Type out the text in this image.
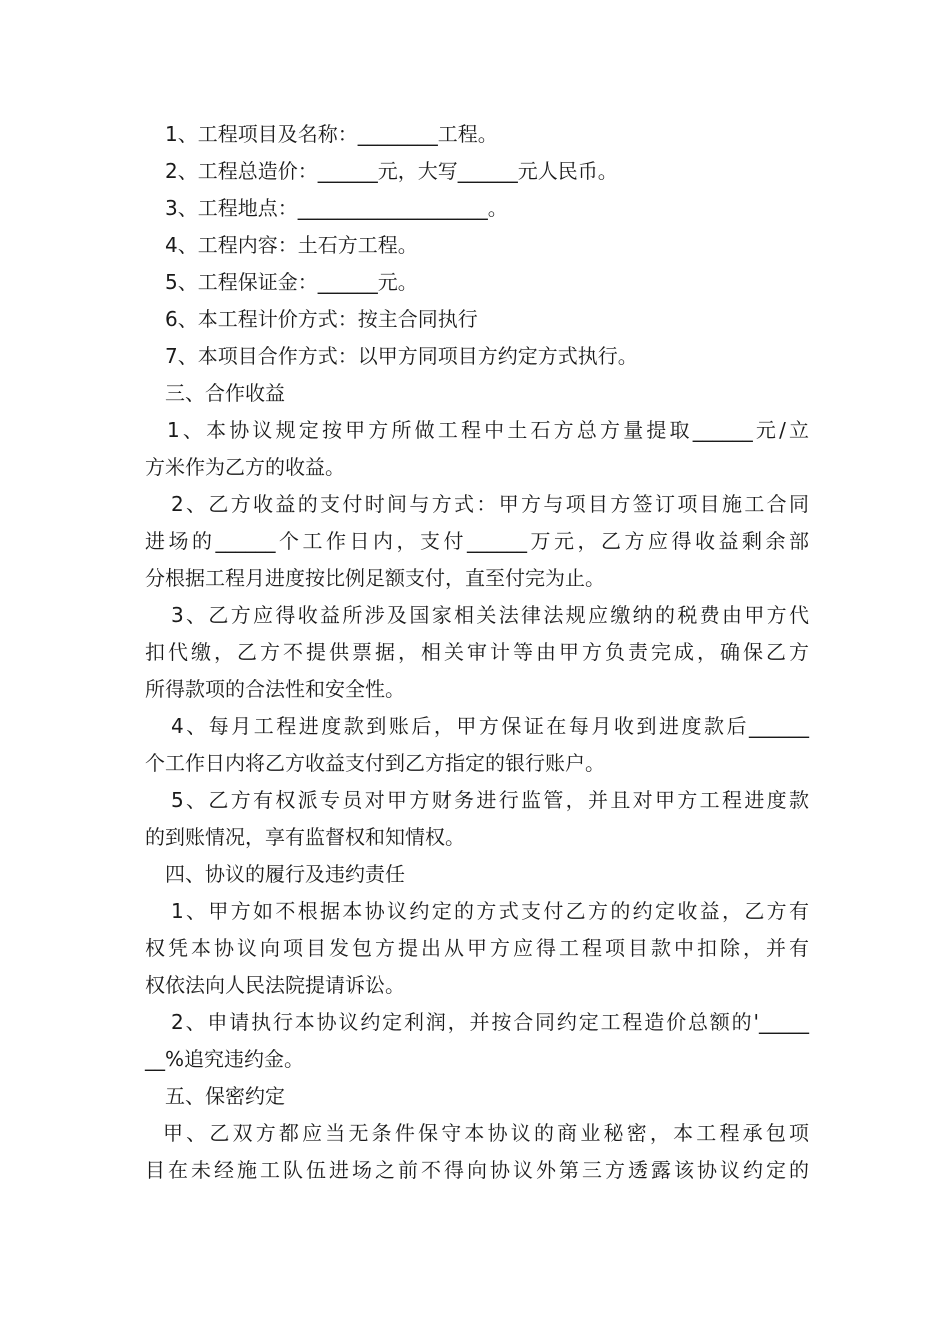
1、工程项目及名称：________工程。
2、工程总造价：______元，大写______元人民币。
3、工程地点：___________________。
4、工程内容：土石方工程。
5、工程保证金：______元。
6、本工程计价方式：按主合同执行
7、本项目合作方式：以甲方同项目方约定方式执行。
三、合作收益
1、本协议规定按甲方所做工程中土石方总方量提取______元/立
方米作为乙方的收益。
2、乙方收益的支付时间与方式：甲方与项目方签订项目施工合同
进场的______个工作日内，支付______万元，乙方应得收益剩余部
分根据工程月进度按比例足额支付，直至付完为止。
3、乙方应得收益所涉及国家相关法律法规应缴纳的税费由甲方代
扣代缴，乙方不提供票据，相关审计等由甲方负责完成，确保乙方
所得款项的合法性和安全性。
4、每月工程进度款到账后，甲方保证在每月收到进度款后______
个工作日内将乙方收益支付到乙方指定的银行账户。
5、乙方有权派专员对甲方财务进行监管，并且对甲方工程进度款
的到账情况，享有监督权和知情权。
四、协议的履行及违约责任
1、甲方如不根据本协议约定的方式支付乙方的约定收益，乙方有
权凭本协议向项目发包方提出从甲方应得工程项目款中扣除，并有
权依法向人民法院提请诉讼。
2、申请执行本协议约定利润，并按合同约定工程造价总额的'_____
__%追究违约金。
五、保密约定
甲、乙双方都应当无条件保守本协议的商业秘密，本工程承包项
目在未经施工队伍进场之前不得向协议外第三方透露该协议约定的
